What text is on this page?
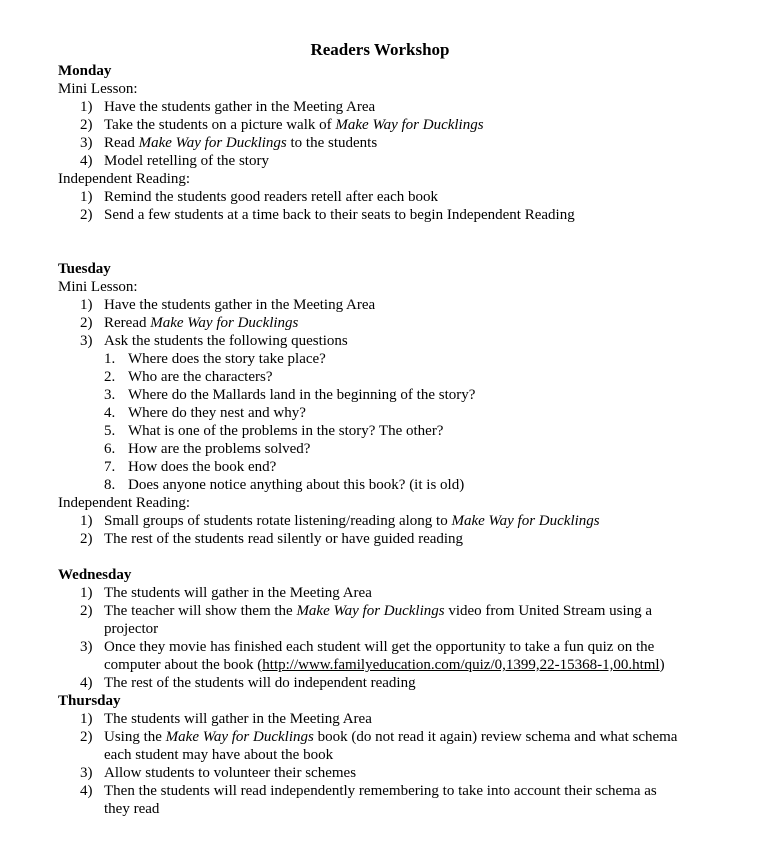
Readers Workshop
Monday
Mini Lesson:
1) Have the students gather in the Meeting Area
2) Take the students on a picture walk of Make Way for Ducklings
3) Read Make Way for Ducklings to the students
4) Model retelling of the story
Independent Reading:
1) Remind the students good readers retell after each book
2) Send a few students at a time back to their seats to begin Independent Reading
Tuesday
Mini Lesson:
1) Have the students gather in the Meeting Area
2) Reread Make Way for Ducklings
3) Ask the students the following questions
1. Where does the story take place?
2. Who are the characters?
3. Where do the Mallards land in the beginning of the story?
4. Where do they nest and why?
5. What is one of the problems in the story? The other?
6. How are the problems solved?
7. How does the book end?
8. Does anyone notice anything about this book? (it is old)
Independent Reading:
1) Small groups of students rotate listening/reading along to Make Way for Ducklings
2) The rest of the students read silently or have guided reading
Wednesday
1) The students will gather in the Meeting Area
2) The teacher will show them the Make Way for Ducklings video from United Stream using a
projector
3) Once they movie has finished each student will get the opportunity to take a fun quiz on the
computer about the book (http://www.familyeducation.com/quiz/0,1399,22-15368-1,00.html)
4) The rest of the students will do independent reading
Thursday
1) The students will gather in the Meeting Area
2) Using the Make Way for Ducklings book (do not read it again) review schema and what schema
each student may have about the book
3) Allow students to volunteer their schemes
4) Then the students will read independently remembering to take into account their schema as
they read
